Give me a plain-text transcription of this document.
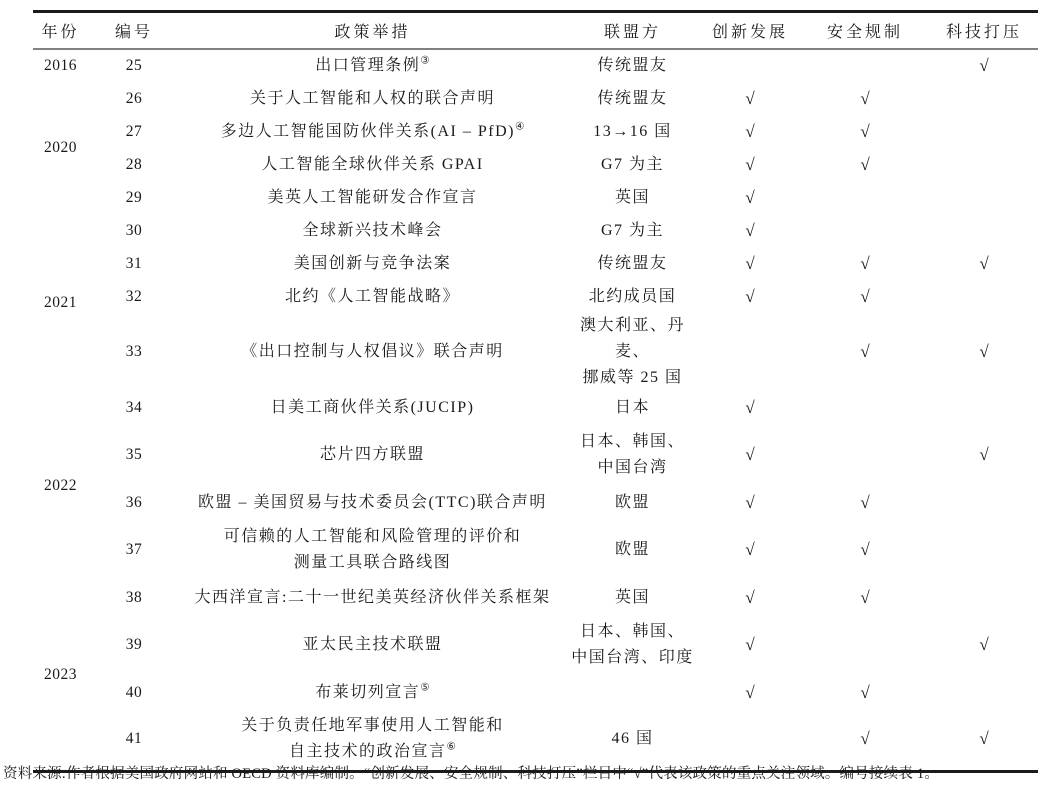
年份	编号	政策举措	联盟方	创新发展	安全规制	科技打压
2016	25	出口管理条例③	传统盟友			√
2020	26	关于人工智能和人权的联合声明	传统盟友	√	√	
	27	多边人工智能国防伙伴关系(AI – PfD)④	13→16 国	√	√	
	28	人工智能全球伙伴关系 GPAI	G7 为主	√	√	
	29	美英人工智能研发合作宣言	英国	√		
2021	30	全球新兴技术峰会	G7 为主	√		
	31	美国创新与竞争法案	传统盟友	√	√	√
	32	北约《人工智能战略》	北约成员国	√	√	
	33	《出口控制与人权倡议》联合声明	澳大利亚、丹麦、
挪威等 25 国		√	√
2022	34	日美工商伙伴关系(JUCIP)	日本	√		
	35	芯片四方联盟	日本、韩国、
中国台湾	√		√
	36	欧盟 – 美国贸易与技术委员会(TTC)联合声明	欧盟	√	√	
	37	可信赖的人工智能和风险管理的评价和
测量工具联合路线图	欧盟	√	√	
2023	38	大西洋宣言:二十一世纪美英经济伙伴关系框架	英国	√	√	
	39	亚太民主技术联盟	日本、韩国、
中国台湾、印度	√		√
	40	布莱切列宣言⑤		√	√	
	41	关于负责任地军事使用人工智能和
自主技术的政治宣言⑥	46 国		√	√
资料来源:作者根据美国政府网站和 OECD 资料库编制。“创新发展、安全规制、科技打压”栏目中“√”代表该政策的重点关注领域。编号接续表 1。
